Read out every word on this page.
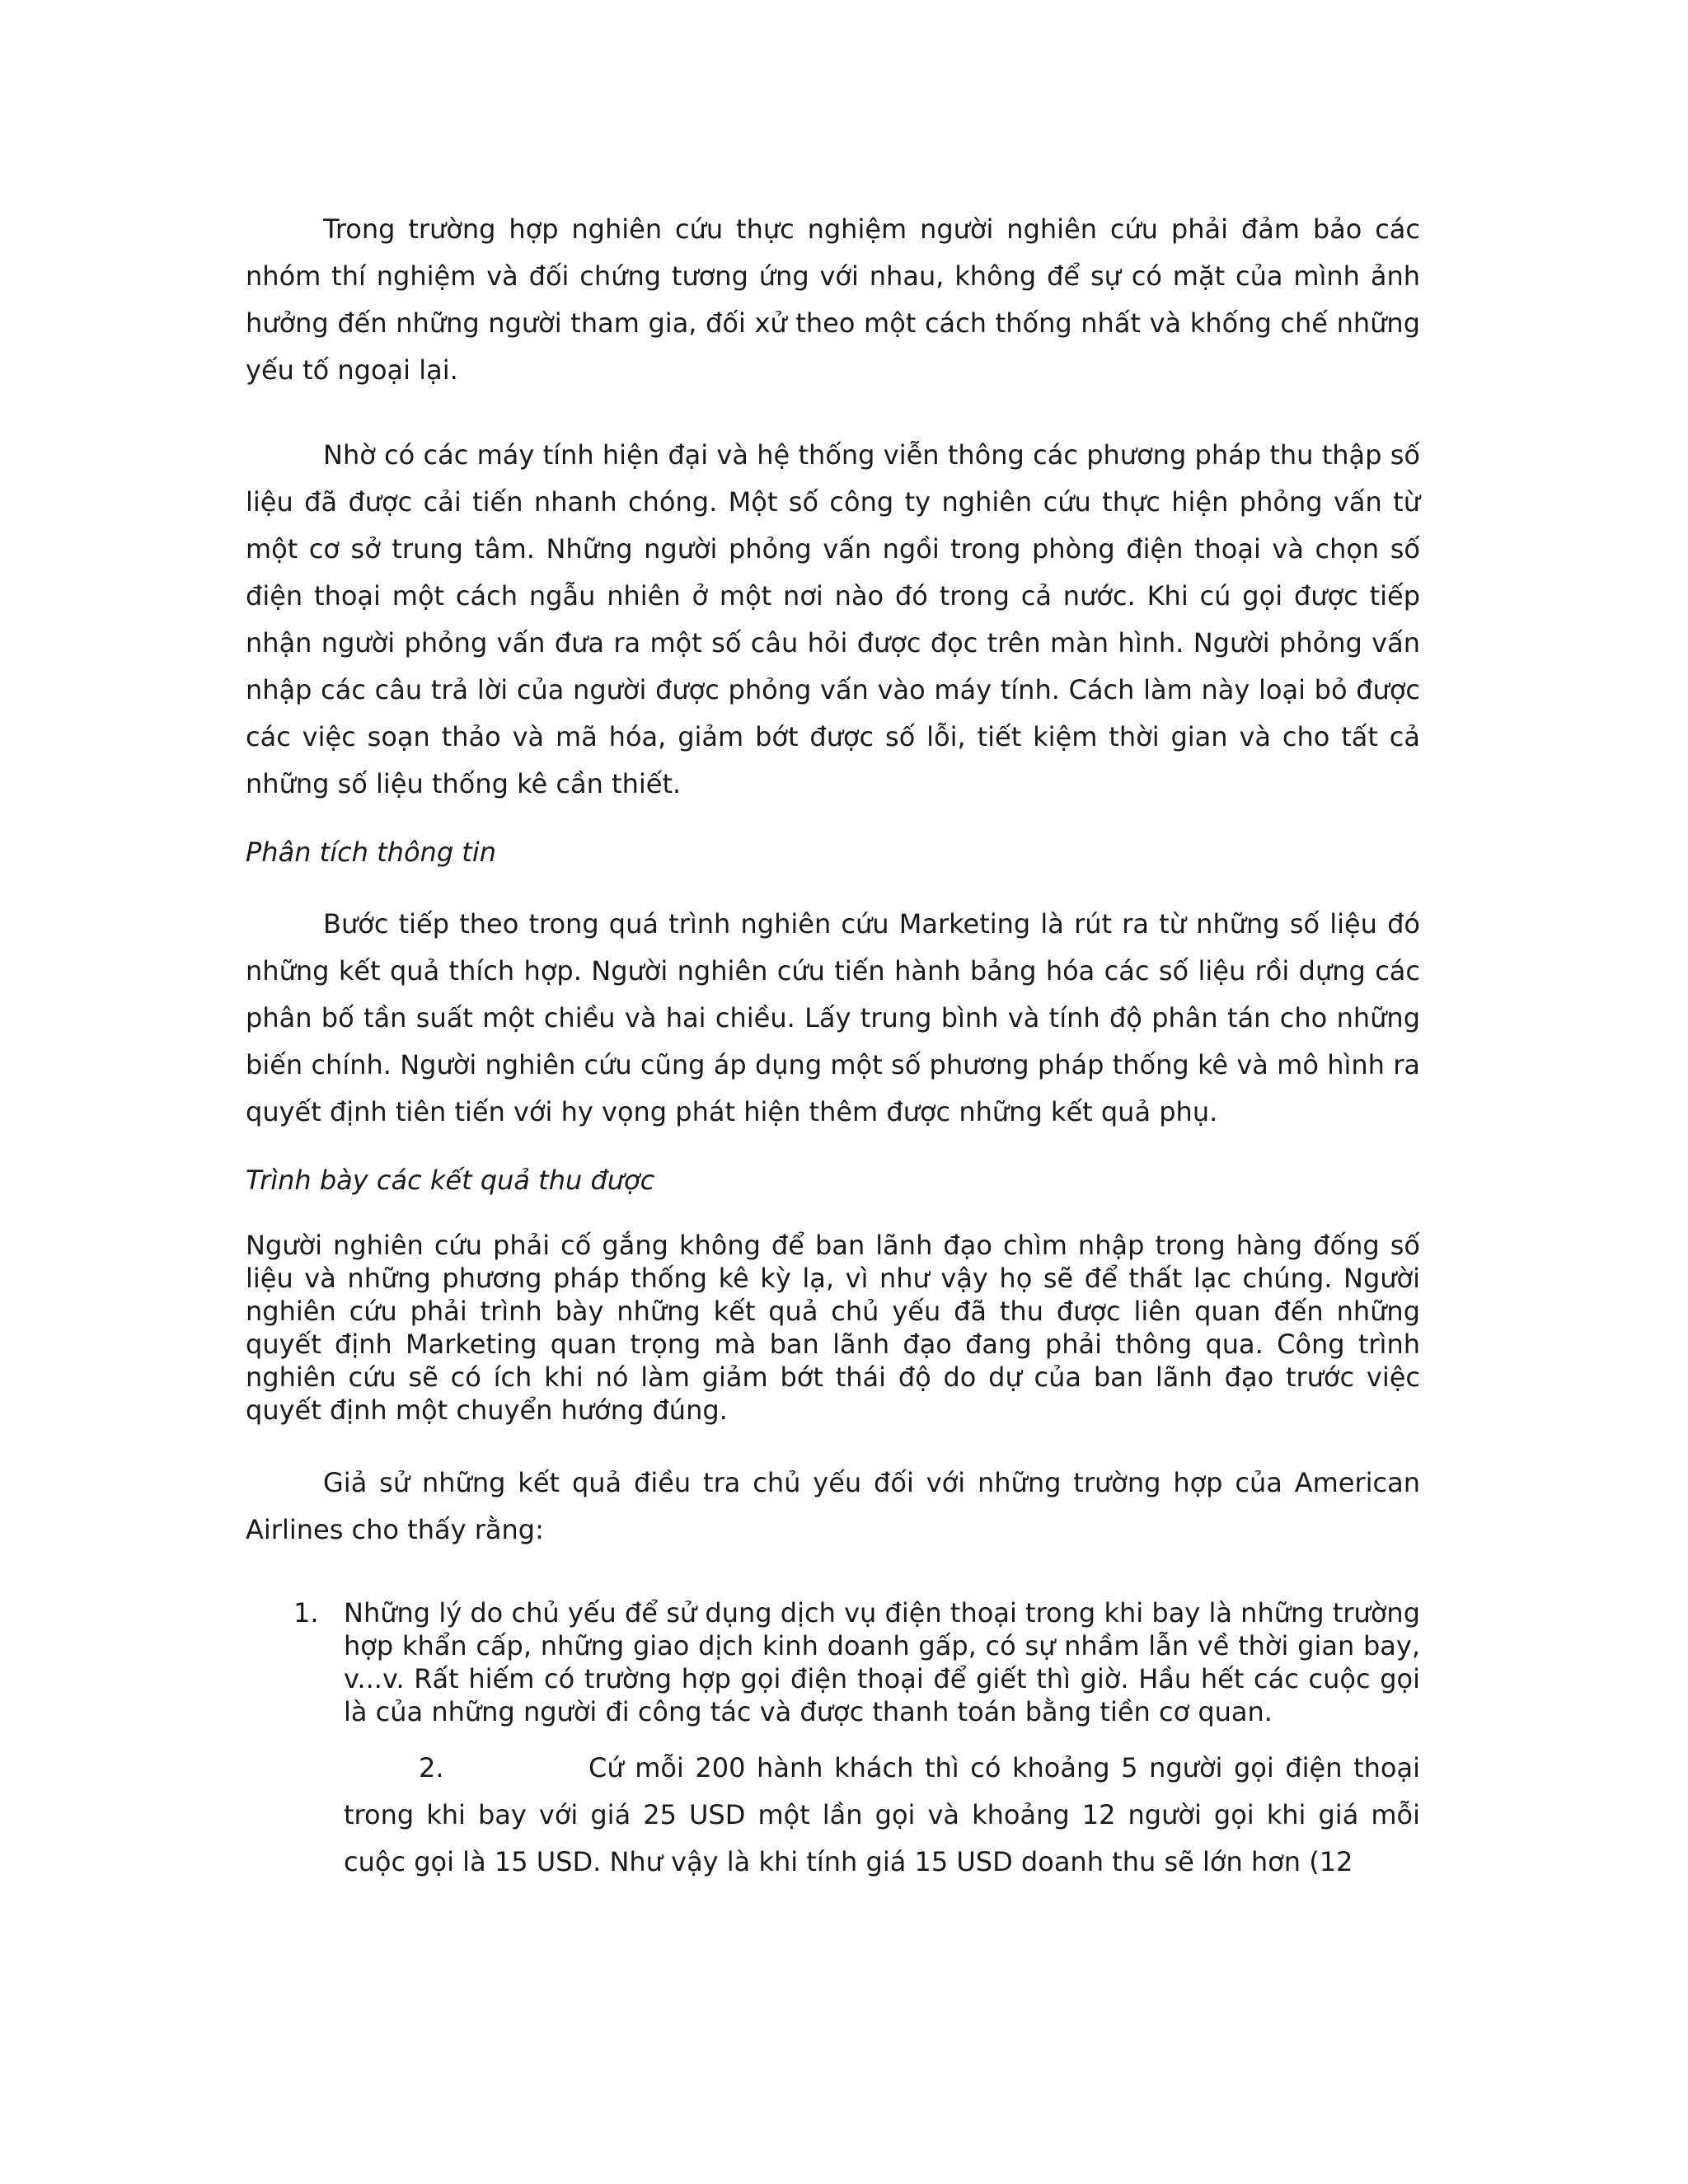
Trong trường hợp nghiên cứu thực nghiệm người nghiên cứu phải đảm bảo các nhóm thí nghiệm và đối chứng tương ứng với nhau, không để sự có mặt của mình ảnh hưởng đến những người tham gia, đối xử theo một cách thống nhất và khống chế những yếu tố ngoại lại.

Nhờ có các máy tính hiện đại và hệ thống viễn thông các phương pháp thu thập số liệu đã được cải tiến nhanh chóng. Một số công ty nghiên cứu thực hiện phỏng vấn từ một cơ sở trung tâm. Những người phỏng vấn ngồi trong phòng điện thoại và chọn số điện thoại một cách ngẫu nhiên ở một nơi nào đó trong cả nước. Khi cú gọi được tiếp nhận người phỏng vấn đưa ra một số câu hỏi được đọc trên màn hình. Người phỏng vấn nhập các câu trả lời của người được phỏng vấn vào máy tính. Cách làm này loại bỏ được các việc soạn thảo và mã hóa, giảm bớt được số lỗi, tiết kiệm thời gian và cho tất cả những số liệu thống kê cần thiết.

Phân tích thông tin

Bước tiếp theo trong quá trình nghiên cứu Marketing là rút ra từ những số liệu đó những kết quả thích hợp. Người nghiên cứu tiến hành bảng hóa các số liệu rồi dựng các phân bố tần suất một chiều và hai chiều. Lấy trung bình và tính độ phân tán cho những biến chính. Người nghiên cứu cũng áp dụng một số phương pháp thống kê và mô hình ra quyết định tiên tiến với hy vọng phát hiện thêm được những kết quả phụ.

Trình bày các kết quả thu được

Người nghiên cứu phải cố gắng không để ban lãnh đạo chìm nhập trong hàng đống số liệu và những phương pháp thống kê kỳ lạ, vì như vậy họ sẽ để thất lạc chúng. Người nghiên cứu phải trình bày những kết quả chủ yếu đã thu được liên quan đến những quyết định Marketing quan trọng mà ban lãnh đạo đang phải thông qua. Công trình nghiên cứu sẽ có ích khi nó làm giảm bớt thái độ do dự của ban lãnh đạo trước việc quyết định một chuyển hướng đúng.

Giả sử những kết quả điều tra chủ yếu đối với những trường hợp của American Airlines cho thấy rằng:

1. Những lý do chủ yếu để sử dụng dịch vụ điện thoại trong khi bay là những trường hợp khẩn cấp, những giao dịch kinh doanh gấp, có sự nhầm lẫn về thời gian bay, v...v. Rất hiếm có trường hợp gọi điện thoại để giết thì giờ. Hầu hết các cuộc gọi là của những người đi công tác và được thanh toán bằng tiền cơ quan.
2.	Cứ mỗi 200 hành khách thì có khoảng 5 người gọi điện thoại trong khi bay với giá 25 USD một lần gọi và khoảng 12 người gọi khi giá mỗi cuộc gọi là 15 USD. Như vậy là khi tính giá 15 USD doanh thu sẽ lớn hơn (12
